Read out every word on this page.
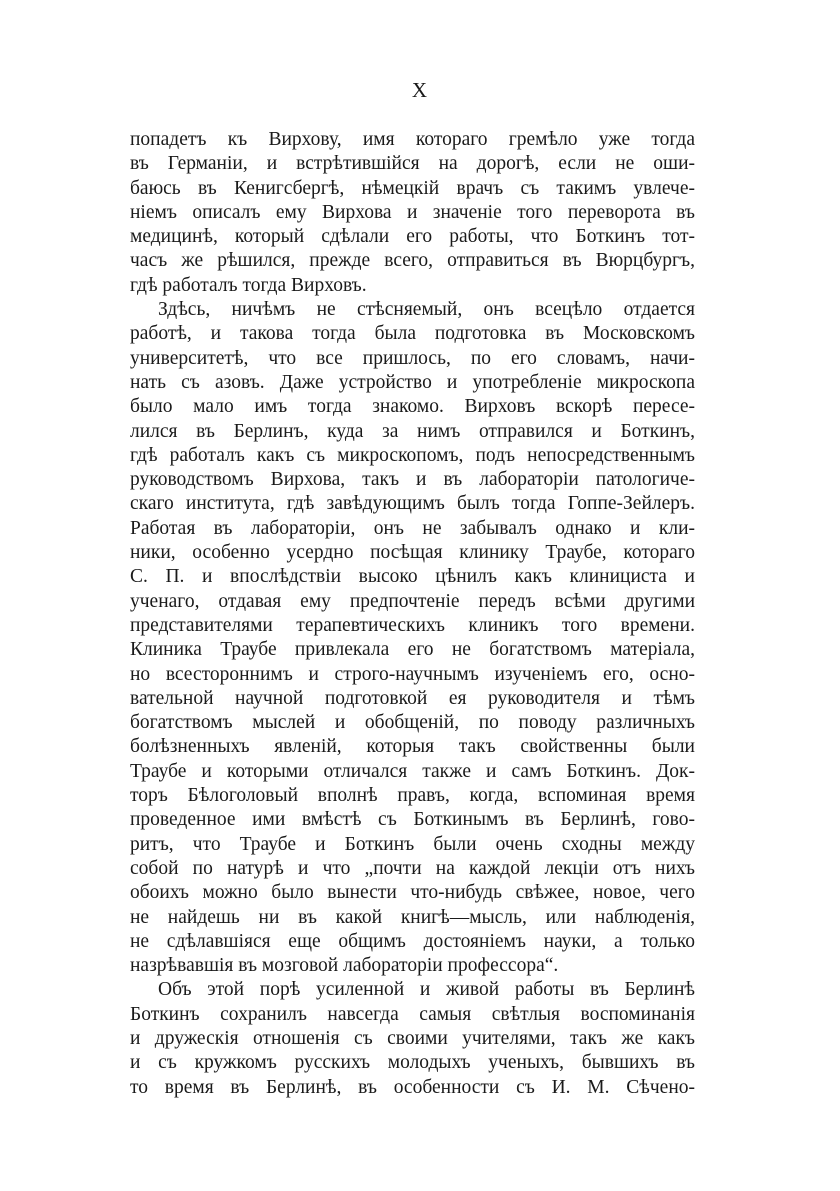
X
попадетъ къ Вирхову, имя котораго гремѣло уже тогда
въ Германіи, и встрѣтившійся на дорогѣ, если не оши-
баюсь въ Кенигсбергѣ, нѣмецкій врачъ съ такимъ увлече-
ніемъ описалъ ему Вирхова и значеніе того переворота въ
медицинѣ, который сдѣлали его работы, что Боткинъ тот-
часъ же рѣшился, прежде всего, отправиться въ Вюрцбургъ,
гдѣ работалъ тогда Вирховъ.
Здѣсь, ничѣмъ не стѣсняемый, онъ всецѣло отдается
работѣ, и такова тогда была подготовка въ Московскомъ
университетѣ, что все пришлось, по его словамъ, начи-
нать съ азовъ. Даже устройство и употребленіе микроскопа
было мало имъ тогда знакомо. Вирховъ вскорѣ пересе-
лился въ Берлинъ, куда за нимъ отправился и Боткинъ,
гдѣ работалъ какъ съ микроскопомъ, подъ непосредственнымъ
руководствомъ Вирхова, такъ и въ лабораторіи патологиче-
скаго института, гдѣ завѣдующимъ былъ тогда Гоппе-Зейлеръ.
Работая въ лабораторіи, онъ не забывалъ однако и кли-
ники, особенно усердно посѣщая клинику Траубе, котораго
С. П. и впослѣдствіи высоко цѣнилъ какъ клинициста и
ученаго, отдавая ему предпочтеніе передъ всѣми другими
представителями терапевтическихъ клиникъ того времени.
Клиника Траубе привлекала его не богатствомъ матеріала,
но всестороннимъ и строго-научнымъ изученіемъ его, осно-
вательной научной подготовкой ея руководителя и тѣмъ
богатствомъ мыслей и обобщеній, по поводу различныхъ
болѣзненныхъ явленій, которыя такъ свойственны были
Траубе и которыми отличался также и самъ Боткинъ. Док-
торъ Бѣлоголовый вполнѣ правъ, когда, вспоминая время
проведенное ими вмѣстѣ съ Боткинымъ въ Берлинѣ, гово-
ритъ, что Траубе и Боткинъ были очень сходны между
собой по натурѣ и что „почти на каждой лекціи отъ нихъ
обоихъ можно было вынести что-нибудь свѣжее, новое, чего
не найдешь ни въ какой книгѣ—мысль, или наблюденія,
не сдѣлавшіяся еще общимъ достояніемъ науки, а только
назрѣвавшія въ мозговой лабораторіи профессора“.
Объ этой порѣ усиленной и живой работы въ Берлинѣ
Боткинъ сохранилъ навсегда самыя свѣтлыя воспоминанія
и дружескія отношенія съ своими учителями, такъ же какъ
и съ кружкомъ русскихъ молодыхъ ученыхъ, бывшихъ въ
то время въ Берлинѣ, въ особенности съ И. М. Сѣчено-
